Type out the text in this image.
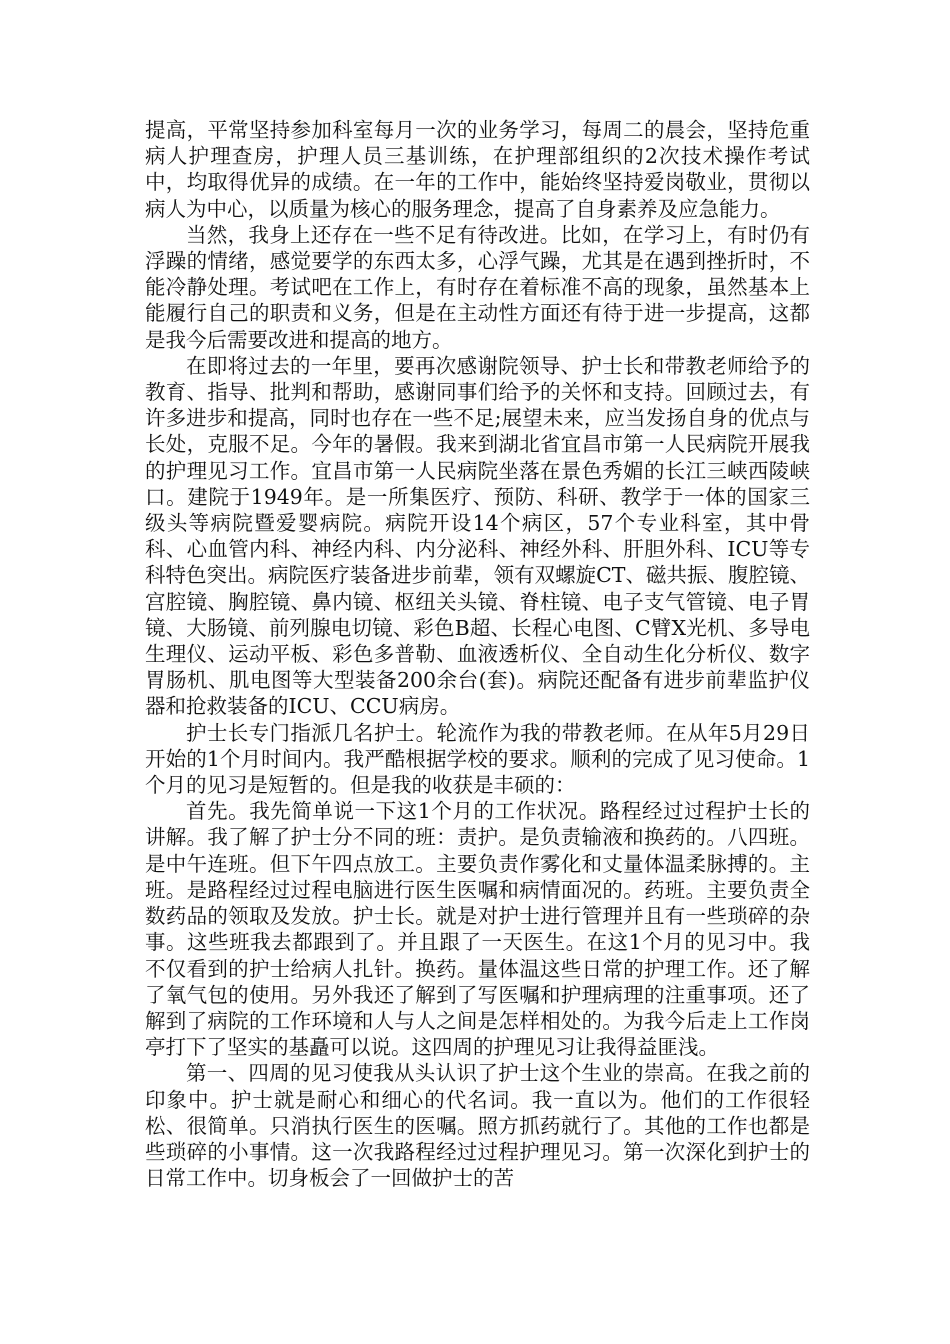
提高，平常坚持参加科室每月一次的业务学习，每周二的晨会，坚持危重病人护理查房，护理人员三基训练，在护理部组织的2次技术操作考试中，均取得优异的成绩。在一年的工作中，能始终坚持爱岗敬业，贯彻以病人为中心，以质量为核心的服务理念，提高了自身素养及应急能力。

当然，我身上还存在一些不足有待改进。比如，在学习上，有时仍有浮躁的情绪，感觉要学的东西太多，心浮气躁，尤其是在遇到挫折时，不能冷静处理。考试吧在工作上，有时存在着标准不高的现象，虽然基本上能履行自己的职责和义务，但是在主动性方面还有待于进一步提高，这都是我今后需要改进和提高的地方。

在即将过去的一年里，要再次感谢院领导、护士长和带教老师给予的教育、指导、批判和帮助，感谢同事们给予的关怀和支持。回顾过去，有许多进步和提高，同时也存在一些不足;展望未来，应当发扬自身的优点与长处，克服不足。今年的暑假。我来到湖北省宜昌市第一人民病院开展我的护理见习工作。宜昌市第一人民病院坐落在景色秀媚的长江三峡西陵峡口。建院于1949年。是一所集医疗、预防、科研、教学于一体的国家三级头等病院暨爱婴病院。病院开设14个病区，57个专业科室，其中骨科、心血管内科、神经内科、内分泌科、神经外科、肝胆外科、ICU等专科特色突出。病院医疗装备进步前辈，领有双螺旋CT、磁共振、腹腔镜、宫腔镜、胸腔镜、鼻内镜、枢纽关头镜、脊柱镜、电子支气管镜、电子胃镜、大肠镜、前列腺电切镜、彩色B超、长程心电图、C臂X光机、多导电生理仪、运动平板、彩色多普勒、血液透析仪、全自动生化分析仪、数字胃肠机、肌电图等大型装备200余台(套)。病院还配备有进步前辈监护仪器和抢救装备的ICU、CCU病房。

护士长专门指派几名护士。轮流作为我的带教老师。在从年5月29日开始的1个月时间内。我严酷根据学校的要求。顺利的完成了见习使命。1个月的见习是短暂的。但是我的收获是丰硕的：

首先。我先简单说一下这1个月的工作状况。路程经过过程护士长的讲解。我了解了护士分不同的班：责护。是负责输液和换药的。八四班。是中午连班。但下午四点放工。主要负责作雾化和丈量体温柔脉搏的。主班。是路程经过过程电脑进行医生医嘱和病情面况的。药班。主要负责全数药品的领取及发放。护士长。就是对护士进行管理并且有一些琐碎的杂事。这些班我去都跟到了。并且跟了一天医生。在这1个月的见习中。我不仅看到的护士给病人扎针。换药。量体温这些日常的护理工作。还了解了氧气包的使用。另外我还了解到了写医嘱和护理病理的注重事项。还了解到了病院的工作环境和人与人之间是怎样相处的。为我今后走上工作岗亭打下了坚实的基矗可以说。这四周的护理见习让我得益匪浅。

第一、四周的见习使我从头认识了护士这个生业的崇高。在我之前的印象中。护士就是耐心和细心的代名词。我一直以为。他们的工作很轻松、很简单。只消执行医生的医嘱。照方抓药就行了。其他的工作也都是些琐碎的小事情。这一次我路程经过过程护理见习。第一次深化到护士的日常工作中。切身板会了一回做护士的苦
